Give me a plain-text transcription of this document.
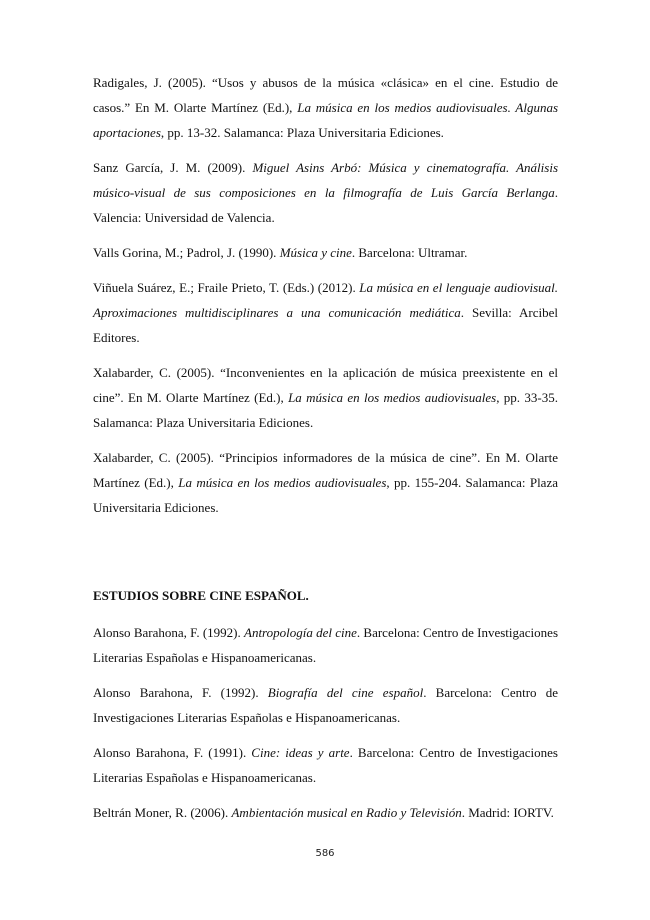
Radigales, J. (2005). “Usos y abusos de la música «clásica» en el cine. Estudio de casos.” En M. Olarte Martínez (Ed.), La música en los medios audiovisuales. Algunas aportaciones, pp. 13-32. Salamanca: Plaza Universitaria Ediciones.

Sanz García, J. M. (2009). Miguel Asins Arbó: Música y cinematografía. Análisis músico-visual de sus composiciones en la filmografía de Luis García Berlanga. Valencia: Universidad de Valencia.

Valls Gorina, M.; Padrol, J. (1990). Música y cine. Barcelona: Ultramar.

Viñuela Suárez, E.; Fraile Prieto, T. (Eds.) (2012). La música en el lenguaje audiovisual. Aproximaciones multidisciplinares a una comunicación mediática. Sevilla: Arcibel Editores.

Xalabarder, C. (2005). “Inconvenientes en la aplicación de música preexistente en el cine”. En M. Olarte Martínez (Ed.), La música en los medios audiovisuales, pp. 33-35. Salamanca: Plaza Universitaria Ediciones.

Xalabarder, C. (2005). “Principios informadores de la música de cine”. En M. Olarte Martínez (Ed.), La música en los medios audiovisuales, pp. 155-204. Salamanca: Plaza Universitaria Ediciones.

ESTUDIOS SOBRE CINE ESPAÑOL.

Alonso Barahona, F. (1992). Antropología del cine. Barcelona: Centro de Investigaciones Literarias Españolas e Hispanoamericanas.

Alonso Barahona, F. (1992). Biografía del cine español. Barcelona: Centro de Investigaciones Literarias Españolas e Hispanoamericanas.

Alonso Barahona, F. (1991). Cine: ideas y arte. Barcelona: Centro de Investigaciones Literarias Españolas e Hispanoamericanas.

Beltrán Moner, R. (2006). Ambientación musical en Radio y Televisión. Madrid: IORTV.

586
